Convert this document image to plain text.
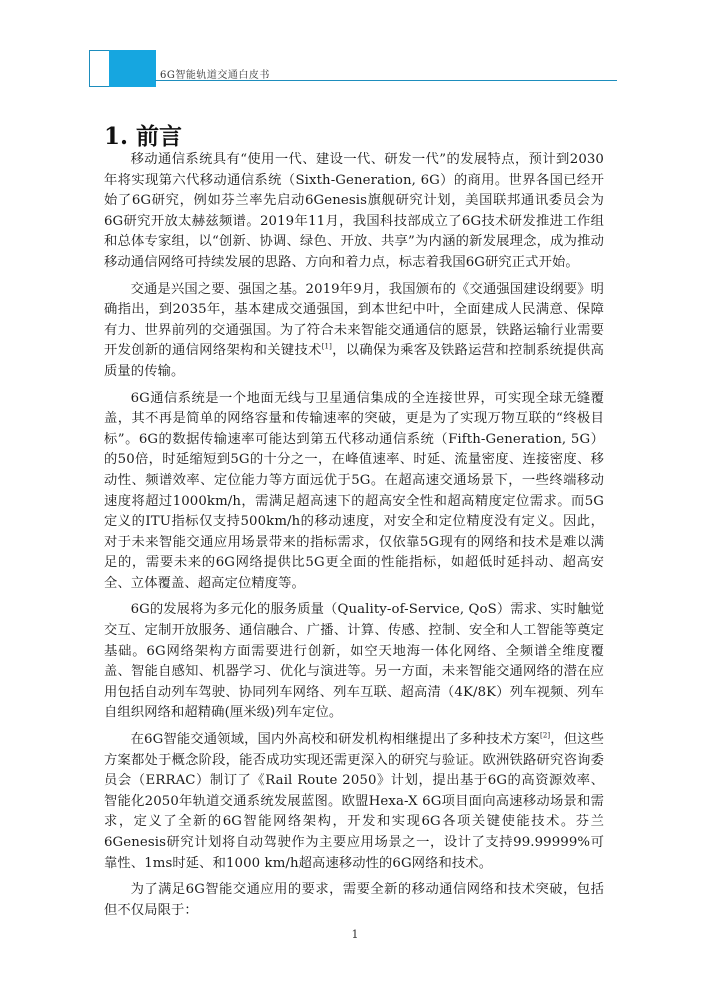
6G智能轨道交通白皮书
1. 前言

移动通信系统具有“使用一代、建设一代、研发一代”的发展特点，预计到2030年将实现第六代移动通信系统（Sixth-Generation, 6G）的商用。世界各国已经开始了6G研究，例如芬兰率先启动6Genesis旗舰研究计划，美国联邦通讯委员会为6G研究开放太赫兹频谱。2019年11月，我国科技部成立了6G技术研发推进工作组和总体专家组，以“创新、协调、绿色、开放、共享”为内涵的新发展理念，成为推动移动通信网络可持续发展的思路、方向和着力点，标志着我国6G研究正式开始。

交通是兴国之要、强国之基。2019年9月，我国颁布的《交通强国建设纲要》明确指出，到2035年，基本建成交通强国，到本世纪中叶，全面建成人民满意、保障有力、世界前列的交通强国。为了符合未来智能交通通信的愿景，铁路运输行业需要开发创新的通信网络架构和关键技术[1]，以确保为乘客及铁路运营和控制系统提供高质量的传输。

6G通信系统是一个地面无线与卫星通信集成的全连接世界，可实现全球无缝覆盖，其不再是简单的网络容量和传输速率的突破，更是为了实现万物互联的“终极目标”。6G的数据传输速率可能达到第五代移动通信系统（Fifth-Generation, 5G）的50倍，时延缩短到5G的十分之一，在峰值速率、时延、流量密度、连接密度、移动性、频谱效率、定位能力等方面远优于5G。在超高速交通场景下，一些终端移动速度将超过1000km/h，需满足超高速下的超高安全性和超高精度定位需求。而5G定义的ITU指标仅支持500km/h的移动速度，对安全和定位精度没有定义。因此，对于未来智能交通应用场景带来的指标需求，仅依靠5G现有的网络和技术是难以满足的，需要未来的6G网络提供比5G更全面的性能指标，如超低时延抖动、超高安全、立体覆盖、超高定位精度等。

6G的发展将为多元化的服务质量（Quality-of-Service, QoS）需求、实时触觉交互、定制开放服务、通信融合、广播、计算、传感、控制、安全和人工智能等奠定基础。6G网络架构方面需要进行创新，如空天地海一体化网络、全频谱全维度覆盖、智能自感知、机器学习、优化与演进等。另一方面，未来智能交通网络的潜在应用包括自动列车驾驶、协同列车网络、列车互联、超高清（4K/8K）列车视频、列车自组织网络和超精确(厘米级)列车定位。

在6G智能交通领域，国内外高校和研发机构相继提出了多种技术方案[2]，但这些方案都处于概念阶段，能否成功实现还需更深入的研究与验证。欧洲铁路研究咨询委员会（ERRAC）制订了《Rail Route 2050》计划，提出基于6G的高资源效率、智能化2050年轨道交通系统发展蓝图。欧盟Hexa-X 6G项目面向高速移动场景和需求，定义了全新的6G智能网络架构，开发和实现6G各项关键使能技术。芬兰6Genesis研究计划将自动驾驶作为主要应用场景之一，设计了支持99.99999%可靠性、1ms时延、和1000 km/h超高速移动性的6G网络和技术。

为了满足6G智能交通应用的要求，需要全新的移动通信网络和技术突破，包括但不仅局限于：

1
